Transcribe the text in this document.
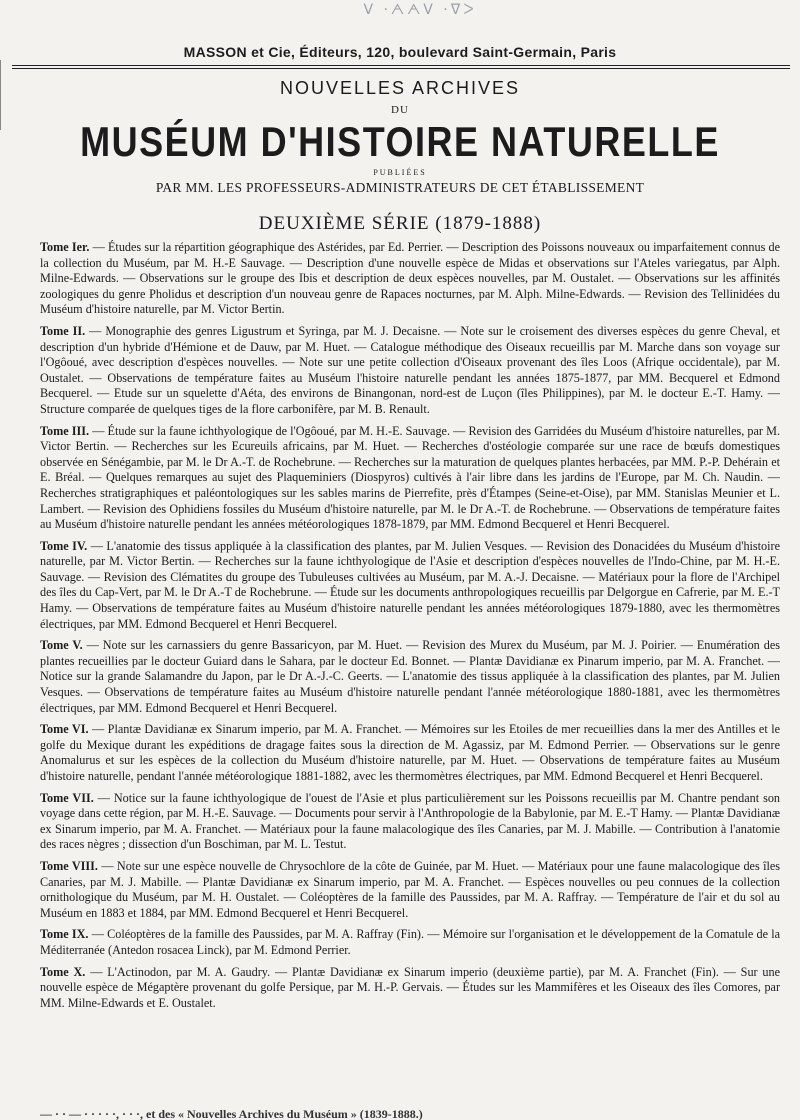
ᐯ ·ᗅᗅᐯ ·ᐁᐳ
MASSON et Cie, Éditeurs, 120, boulevard Saint-Germain, Paris
NOUVELLES ARCHIVES
DU
MUSÉUM D'HISTOIRE NATURELLE
PUBLIÉES
PAR MM. LES PROFESSEURS-ADMINISTRATEURS DE CET ÉTABLISSEMENT
DEUXIÈME SÉRIE (1879-1888)

Tome Ier. — Études sur la répartition géographique des Astérides, par Ed. Perrier. — Description des Poissons nouveaux ou imparfaitement connus de la collection du Muséum, par M. H.-E Sauvage. — Description d'une nouvelle espèce de Midas et observations sur l'Ateles variegatus, par Alph. Milne-Edwards. — Observations sur le groupe des Ibis et description de deux espèces nouvelles, par M. Oustalet. — Observations sur les affinités zoologiques du genre Pholidus et description d'un nouveau genre de Rapaces nocturnes, par M. Alph. Milne-Edwards. — Revision des Tellinidées du Muséum d'histoire naturelle, par M. Victor Bertin.

Tome II. — Monographie des genres Ligustrum et Syringa, par M. J. Decaisne. — Note sur le croisement des diverses espèces du genre Cheval, et description d'un hybride d'Hémione et de Dauw, par M. Huet. — Catalogue méthodique des Oiseaux recueillis par M. Marche dans son voyage sur l'Ogôoué, avec description d'espèces nouvelles. — Note sur une petite collection d'Oiseaux provenant des îles Loos (Afrique occidentale), par M. Oustalet. — Observations de température faites au Muséum l'histoire naturelle pendant les années 1875-1877, par MM. Becquerel et Edmond Becquerel. — Etude sur un squelette d'Aéta, des environs de Binangonan, nord-est de Luçon (îles Philippines), par M. le docteur E.-T. Hamy. — Structure comparée de quelques tiges de la flore carbonifère, par M. B. Renault.

Tome III. — Étude sur la faune ichthyologique de l'Ogôoué, par M. H.-E. Sauvage. — Revision des Garridées du Muséum d'histoire naturelles, par M. Victor Bertin. — Recherches sur les Ecureuils africains, par M. Huet. — Recherches d'ostéologie comparée sur une race de bœufs domestiques observée en Sénégambie, par M. le Dr A.-T. de Rochebrune. — Recherches sur la maturation de quelques plantes herbacées, par MM. P.-P. Dehérain et E. Bréal. — Quelques remarques au sujet des Plaqueminiers (Diospyros) cultivés à l'air libre dans les jardins de l'Europe, par M. Ch. Naudin. — Recherches stratigraphiques et paléontologiques sur les sables marins de Pierrefite, près d'Étampes (Seine-et-Oise), par MM. Stanislas Meunier et L. Lambert. — Revision des Ophidiens fossiles du Muséum d'histoire naturelle, par M. le Dr A.-T. de Rochebrune. — Observations de température faites au Muséum d'histoire naturelle pendant les années météorologiques 1878-1879, par MM. Edmond Becquerel et Henri Becquerel.

Tome IV. — L'anatomie des tissus appliquée à la classification des plantes, par M. Julien Vesques. — Revision des Donacidées du Muséum d'histoire naturelle, par M. Victor Bertin. — Recherches sur la faune ichthyologique de l'Asie et description d'espèces nouvelles de l'Indo-Chine, par M. H.-E. Sauvage. — Revision des Clématites du groupe des Tubuleuses cultivées au Muséum, par M. A.-J. Decaisne. — Matériaux pour la flore de l'Archipel des îles du Cap-Vert, par M. le Dr A.-T de Rochebrune. — Étude sur les documents anthropologiques recueillis par Delgorgue en Cafrerie, par M. E.-T Hamy. — Observations de température faites au Muséum d'histoire naturelle pendant les années météorologiques 1879-1880, avec les thermomètres électriques, par MM. Edmond Becquerel et Henri Becquerel.

Tome V. — Note sur les carnassiers du genre Bassaricyon, par M. Huet. — Revision des Murex du Muséum, par M. J. Poirier. — Enumération des plantes recueillies par le docteur Guiard dans le Sahara, par le docteur Ed. Bonnet. — Plantæ Davidianæ ex Pinarum imperio, par M. A. Franchet. — Notice sur la grande Salamandre du Japon, par le Dr A.-J.-C. Geerts. — L'anatomie des tissus appliquée à la classification des plantes, par M. Julien Vesques. — Observations de température faites au Muséum d'histoire naturelle pendant l'année météorologique 1880-1881, avec les thermomètres électriques, par MM. Edmond Becquerel et Henri Becquerel.

Tome VI. — Plantæ Davidianæ ex Sinarum imperio, par M. A. Franchet. — Mémoires sur les Etoiles de mer recueillies dans la mer des Antilles et le golfe du Mexique durant les expéditions de dragage faites sous la direction de M. Agassiz, par M. Edmond Perrier. — Observations sur le genre Anomalurus et sur les espèces de la collection du Muséum d'histoire naturelle, par M. Huet. — Observations de température faites au Muséum d'histoire naturelle, pendant l'année météorologique 1881-1882, avec les thermomètres électriques, par MM. Edmond Becquerel et Henri Becquerel.

Tome VII. — Notice sur la faune ichthyologique de l'ouest de l'Asie et plus particulièrement sur les Poissons recueillis par M. Chantre pendant son voyage dans cette région, par M. H.-E. Sauvage. — Documents pour servir à l'Anthropologie de la Babylonie, par M. E.-T Hamy. — Plantæ Davidianæ ex Sinarum imperio, par M. A. Franchet. — Matériaux pour la faune malacologique des îles Canaries, par M. J. Mabille. — Contribution à l'anatomie des races nègres ; dissection d'un Boschiman, par M. L. Testut.

Tome VIII. — Note sur une espèce nouvelle de Chrysochlore de la côte de Guinée, par M. Huet. — Matériaux pour une faune malacologique des îles Canaries, par M. J. Mabille. — Plantæ Davidianæ ex Sinarum imperio, par M. A. Franchet. — Espèces nouvelles ou peu connues de la collection ornithologique du Muséum, par M. H. Oustalet. — Coléoptères de la famille des Paussides, par M. A. Raffray. — Température de l'air et du sol au Muséum en 1883 et 1884, par MM. Edmond Becquerel et Henri Becquerel.

Tome IX. — Coléoptères de la famille des Paussides, par M. A. Raffray (Fin). — Mémoire sur l'organisation et le développement de la Comatule de la Méditerranée (Antedon rosacea Linck), par M. Edmond Perrier.

Tome X. — L'Actinodon, par M. A. Gaudry. — Plantæ Davidianæ ex Sinarum imperio (deuxième partie), par M. A. Franchet (Fin). — Sur une nouvelle espèce de Mégaptère provenant du golfe Persique, par M. H.-P. Gervais. — Études sur les Mammifères et les Oiseaux des îles Comores, par MM. Milne-Edwards et E. Oustalet.

— · · — · · · · ·, · · ·, et des « Nouvelles Archives du Muséum » (1839-1888.)
